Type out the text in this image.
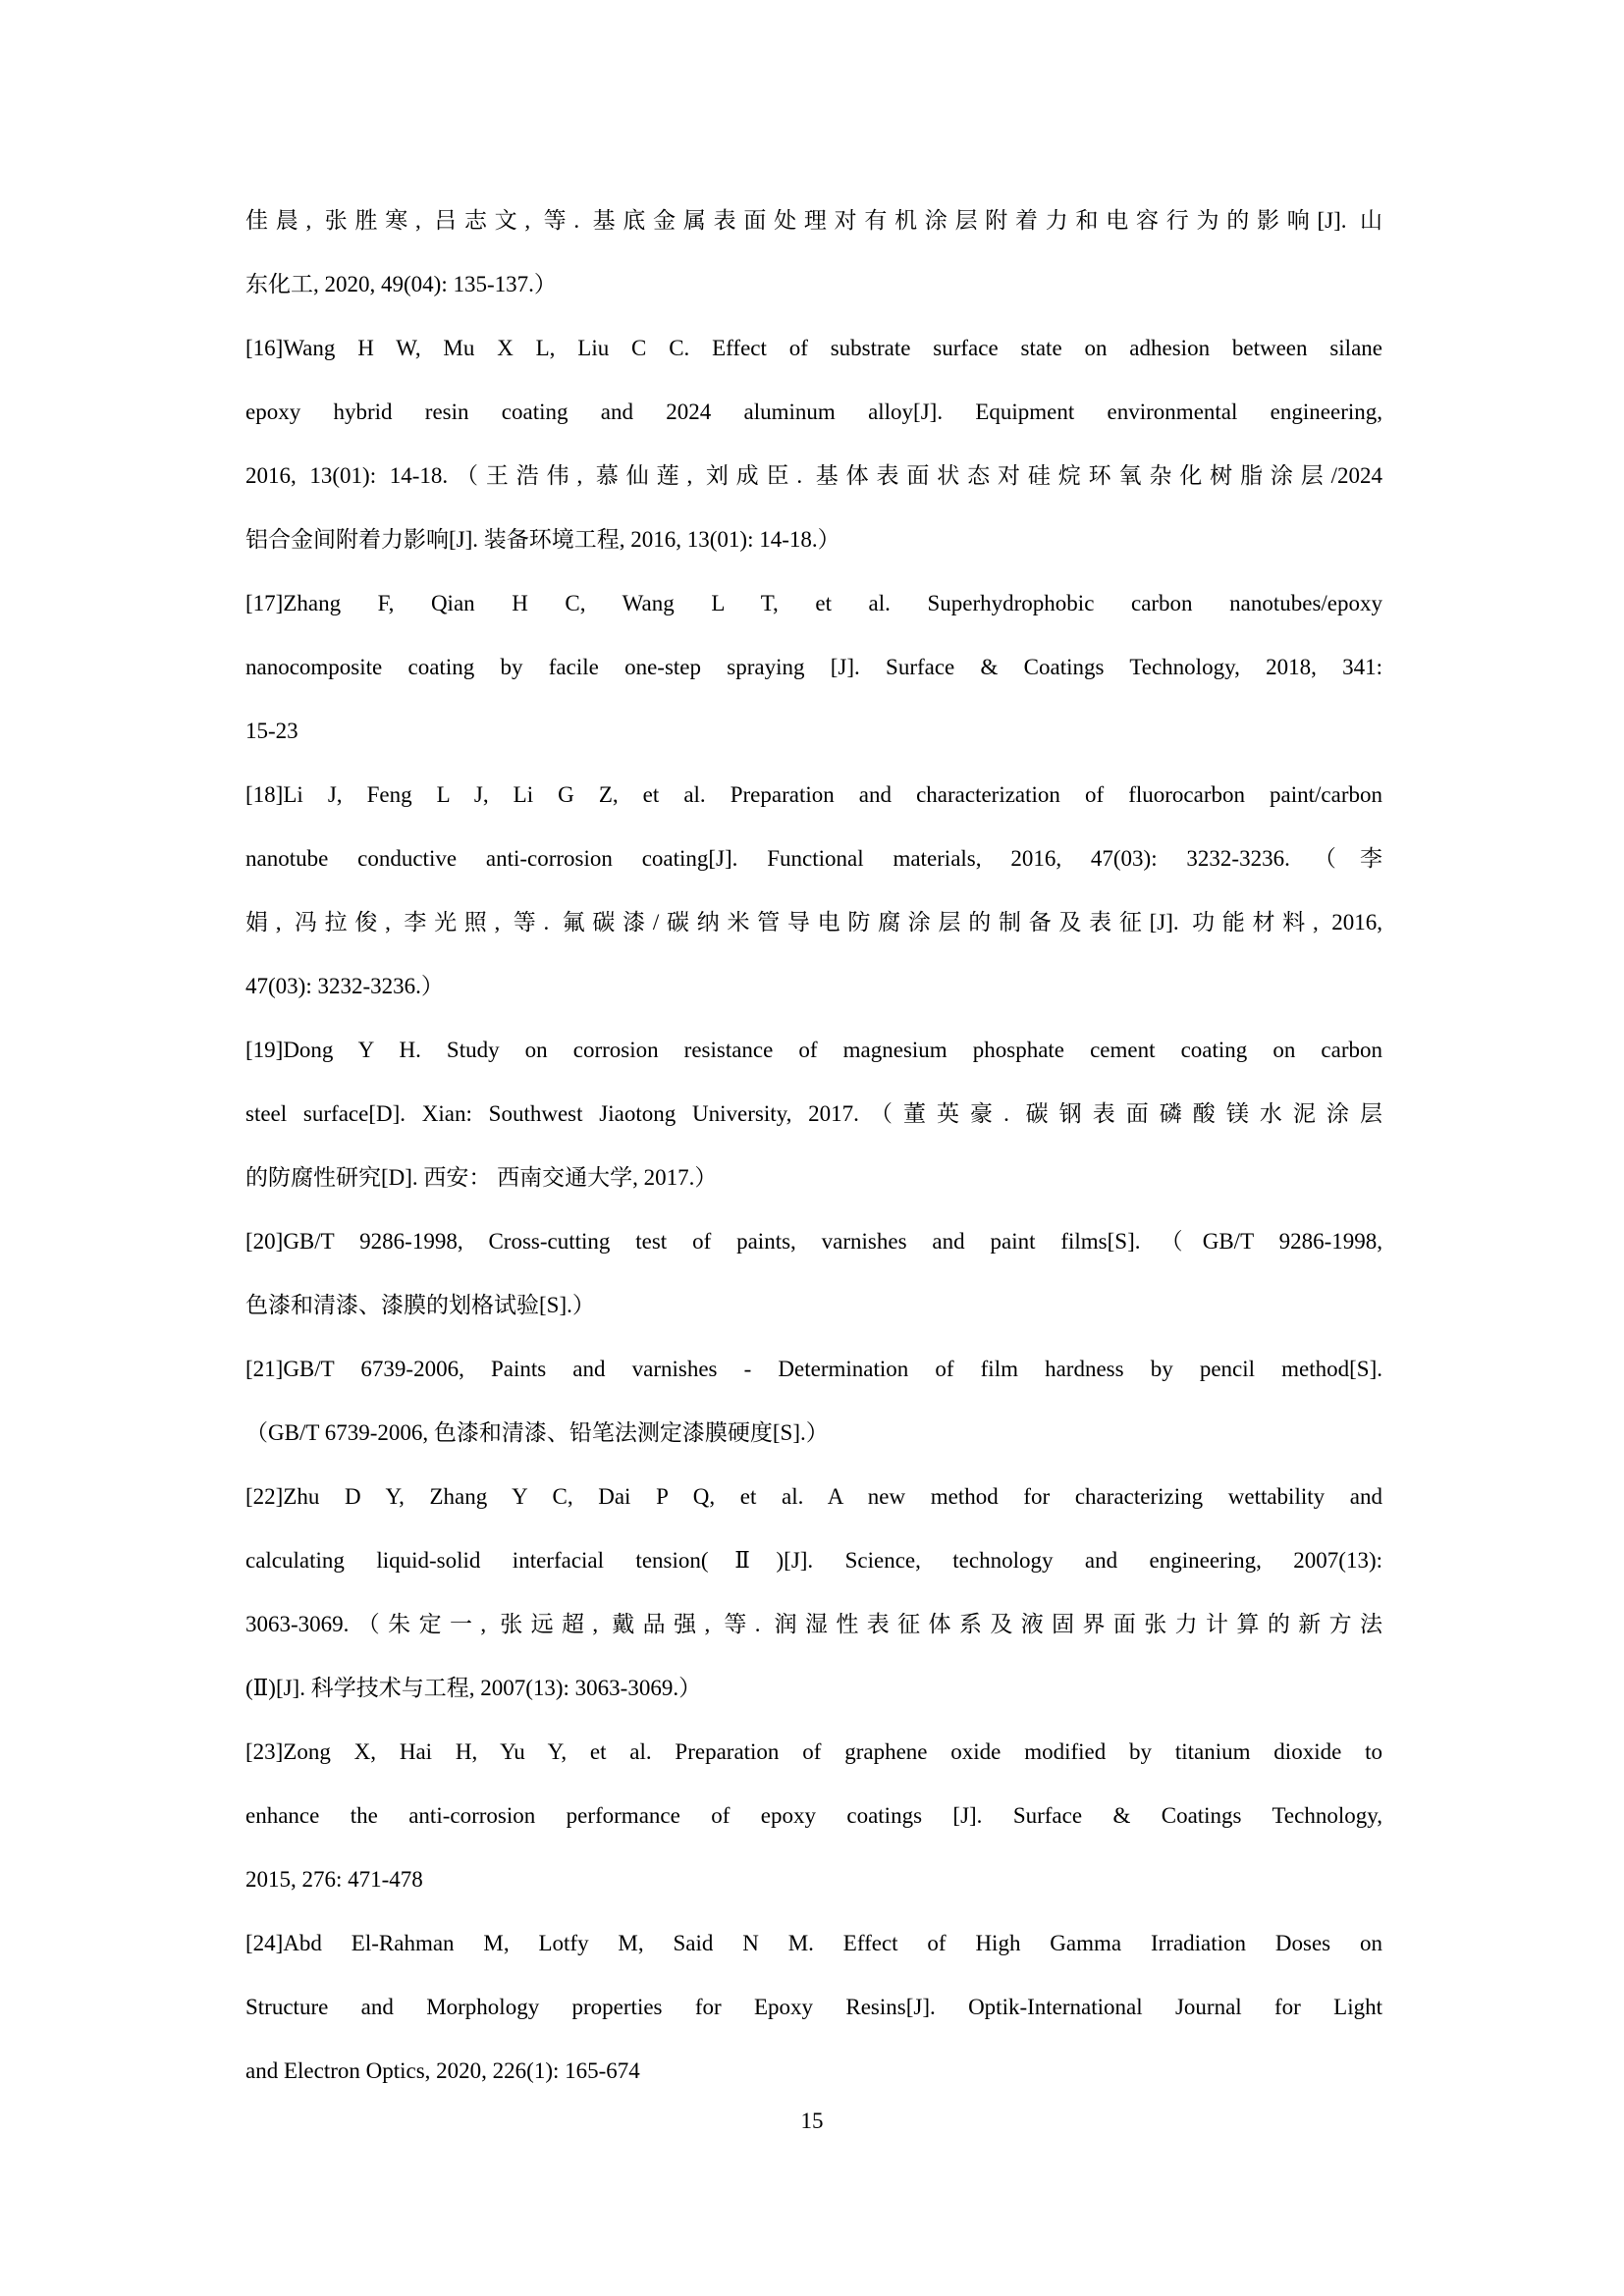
佳晨, 张胜寒, 吕志文, 等. 基底金属表面处理对有机涂层附着力和电容行为的影响[J]. 山
东化工, 2020, 49(04): 135-137.）

[16]Wang H W, Mu X L, Liu C C. Effect of substrate surface state on adhesion between silane
epoxy hybrid resin coating and 2024 aluminum alloy[J]. Equipment environmental engineering,
2016, 13(01): 14-18.（王浩伟, 慕仙莲, 刘成臣. 基体表面状态对硅烷环氧杂化树脂涂层/2024
铝合金间附着力影响[J]. 装备环境工程, 2016, 13(01): 14-18.）

[17]Zhang F, Qian H C, Wang L T, et al. Superhydrophobic carbon nanotubes/epoxy
nanocomposite coating by facile one-step spraying [J]. Surface & Coatings Technology, 2018, 341:
15-23

[18]Li J, Feng L J, Li G Z, et al. Preparation and characterization of fluorocarbon paint/carbon
nanotube conductive anti-corrosion coating[J]. Functional materials, 2016, 47(03): 3232-3236.（李
娟, 冯拉俊, 李光照, 等. 氟碳漆/碳纳米管导电防腐涂层的制备及表征[J]. 功能材料, 2016,
47(03): 3232-3236.）

[19]Dong Y H. Study on corrosion resistance of magnesium phosphate cement coating on carbon
steel surface[D]. Xian: Southwest Jiaotong University, 2017.（董英豪. 碳钢表面磷酸镁水泥涂层
的防腐性研究[D]. 西安： 西南交通大学, 2017.）

[20]GB/T 9286-1998, Cross-cutting test of paints, varnishes and paint films[S].（GB/T 9286-1998,
色漆和清漆、漆膜的划格试验[S].）

[21]GB/T 6739-2006, Paints and varnishes - Determination of film hardness by pencil method[S].
（GB/T 6739-2006, 色漆和清漆、铅笔法测定漆膜硬度[S].）

[22]Zhu D Y, Zhang Y C, Dai P Q, et al. A new method for characterizing wettability and
calculating liquid-solid interfacial tension(Ⅱ)[J]. Science, technology and engineering, 2007(13):
3063-3069.（朱定一, 张远超, 戴品强, 等. 润湿性表征体系及液固界面张力计算的新方法
(Ⅱ)[J]. 科学技术与工程, 2007(13): 3063-3069.）

[23]Zong X, Hai H, Yu Y, et al. Preparation of graphene oxide modified by titanium dioxide to
enhance the anti-corrosion performance of epoxy coatings [J]. Surface & Coatings Technology,
2015, 276: 471-478

[24]Abd El-Rahman M, Lotfy M, Said N M. Effect of High Gamma Irradiation Doses on
Structure and Morphology properties for Epoxy Resins[J]. Optik-International Journal for Light
and Electron Optics, 2020, 226(1): 165-674

15
